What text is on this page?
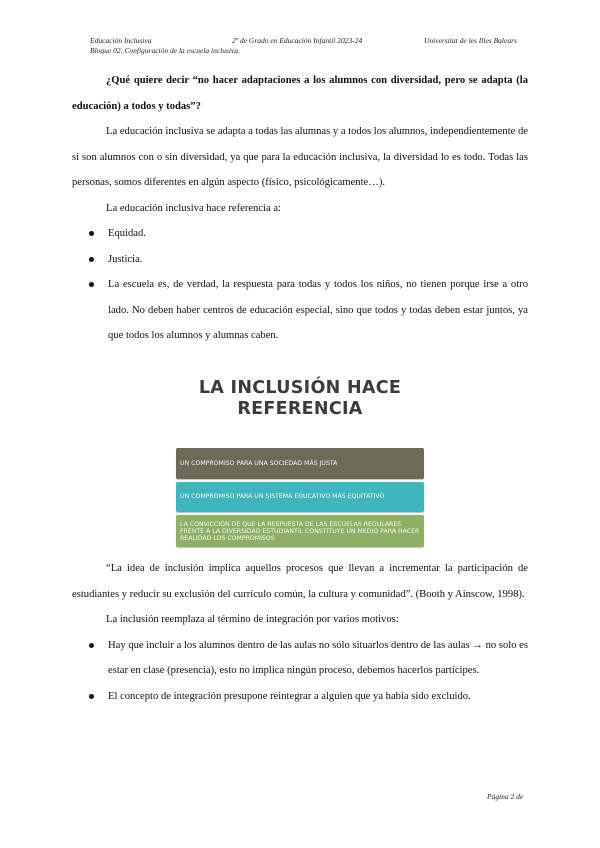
Educación Inclusiva	2º de Grado en Educación Infantil 2023-24	Universitat de les Illes Balears
Bloque 02. Configuración de la escuela inclusiva.

¿Qué quiere decir “no hacer adaptaciones a los alumnos con diversidad, pero se adapta (la educación) a todos y todas”?

La educación inclusiva se adapta a todas las alumnas y a todos los alumnos, independientemente de si son alumnos con o sin diversidad, ya que para la educación inclusiva, la diversidad lo es todo. Todas las personas, somos diferentes en algún aspecto (físico, psicológicamente…).

La educación inclusiva hace referencia a:

Equidad.
Justicia.
La escuela es, de verdad, la respuesta para todas y todos los niños, no tienen porque irse a otro lado. No deben haber centros de educación especial, sino que todos y todas deben estar juntos, ya que todos los alumnos y alumnas caben.
LA INCLUSIÓN HACE
REFERENCIA
UN COMPROMISO PARA UNA SOCIEDAD MÁS JUSTA
UN COMPROMISO PARA UN SISTEMA EDUCATIVO MÁS EQUITATIVO
LA CONVICCIÓN DE QUE LA RESPUESTA DE LAS ESCUELAS REGULARES FRENTE A LA DIVERSIDAD ESTUDIANTIL CONSTITUYE UN MEDIO PARA HACER REALIDAD LOS COMPROMISOS

“La idea de inclusión implica aquellos procesos que llevan a incrementar la participación de estudiantes y reducir su exclusión del currículo común, la cultura y comunidad”. (Booth y Ainscow, 1998).

La inclusión reemplaza al término de integración por varios motivos:

Hay que incluir a los alumnos dentro de las aulas no sólo situarlos dentro de las aulas → no solo es estar en clase (presencia), esto no implica ningún proceso, debemos hacerlos partícipes.
El concepto de integración presupone reintegrar a alguien que ya había sido excluido.
Página 2 de
